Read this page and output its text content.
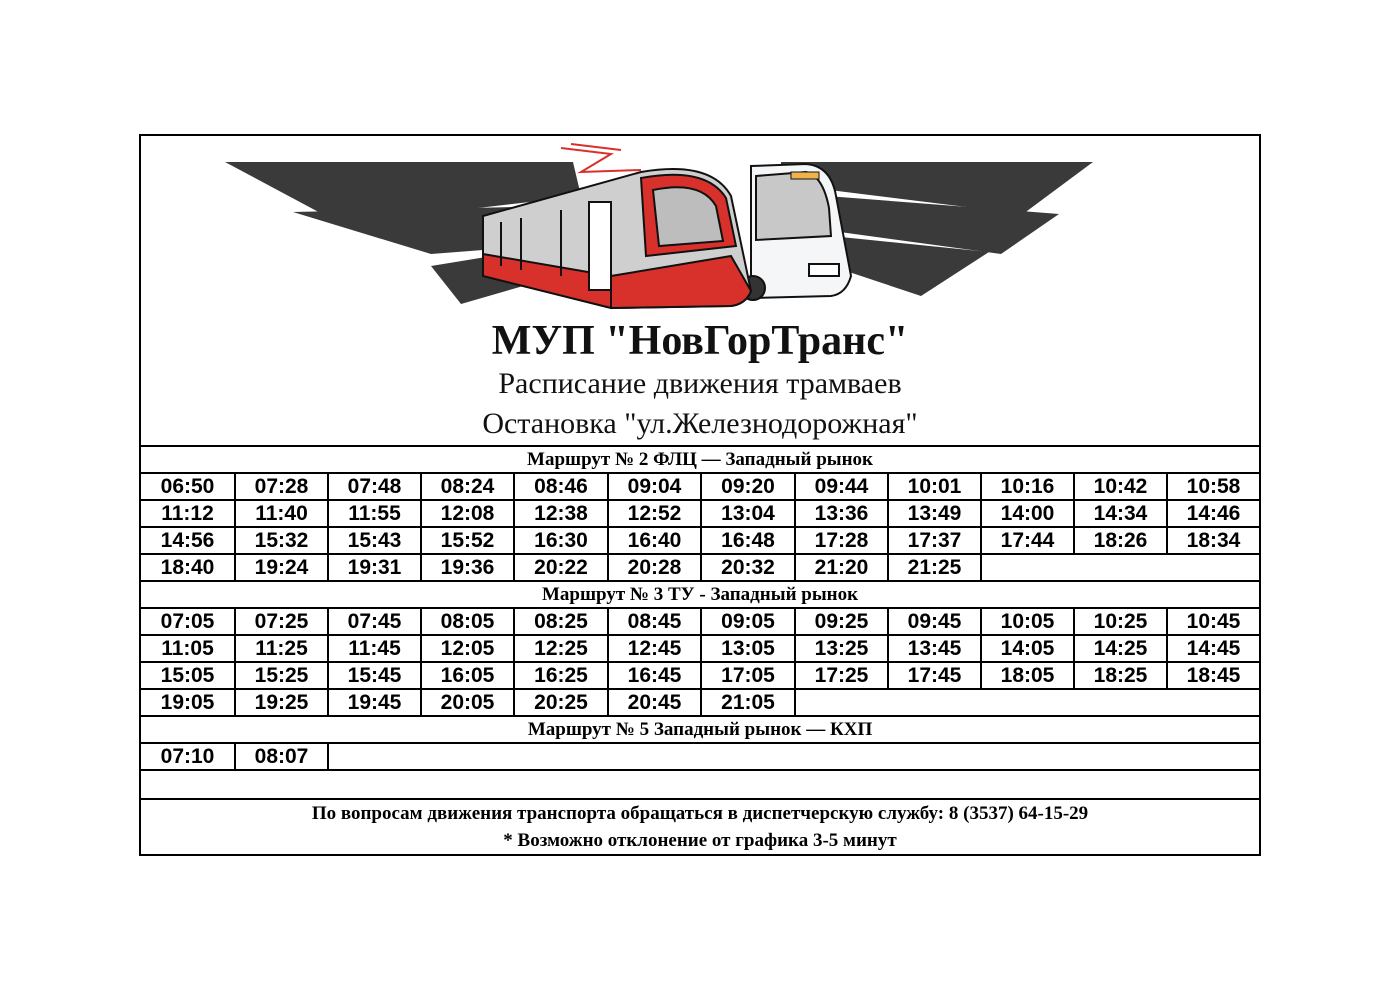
МУП "НовГорТранс"
Расписание движения трамваев
Остановка "ул.Железнодорожная"
Маршрут № 2 ФЛЦ — Западный рынок											
06:50	07:28	07:48	08:24	08:46	09:04	09:20	09:44	10:01	10:16	10:42	10:58
11:12	11:40	11:55	12:08	12:38	12:52	13:04	13:36	13:49	14:00	14:34	14:46
14:56	15:32	15:43	15:52	16:30	16:40	16:48	17:28	17:37	17:44	18:26	18:34
18:40	19:24	19:31	19:36	20:22	20:28	20:32	21:20	21:25			
Маршрут № 3 ТУ - Западный рынок											
07:05	07:25	07:45	08:05	08:25	08:45	09:05	09:25	09:45	10:05	10:25	10:45
11:05	11:25	11:45	12:05	12:25	12:45	13:05	13:25	13:45	14:05	14:25	14:45
15:05	15:25	15:45	16:05	16:25	16:45	17:05	17:25	17:45	18:05	18:25	18:45
19:05	19:25	19:45	20:05	20:25	20:45	21:05					
Маршрут № 5 Западный рынок — КХП											
07:10	08:07										
По вопросам движения транспорта обращаться в диспетчерскую службу: 8 (3537) 64-15-29
* Возможно отклонение от графика 3-5 минут
